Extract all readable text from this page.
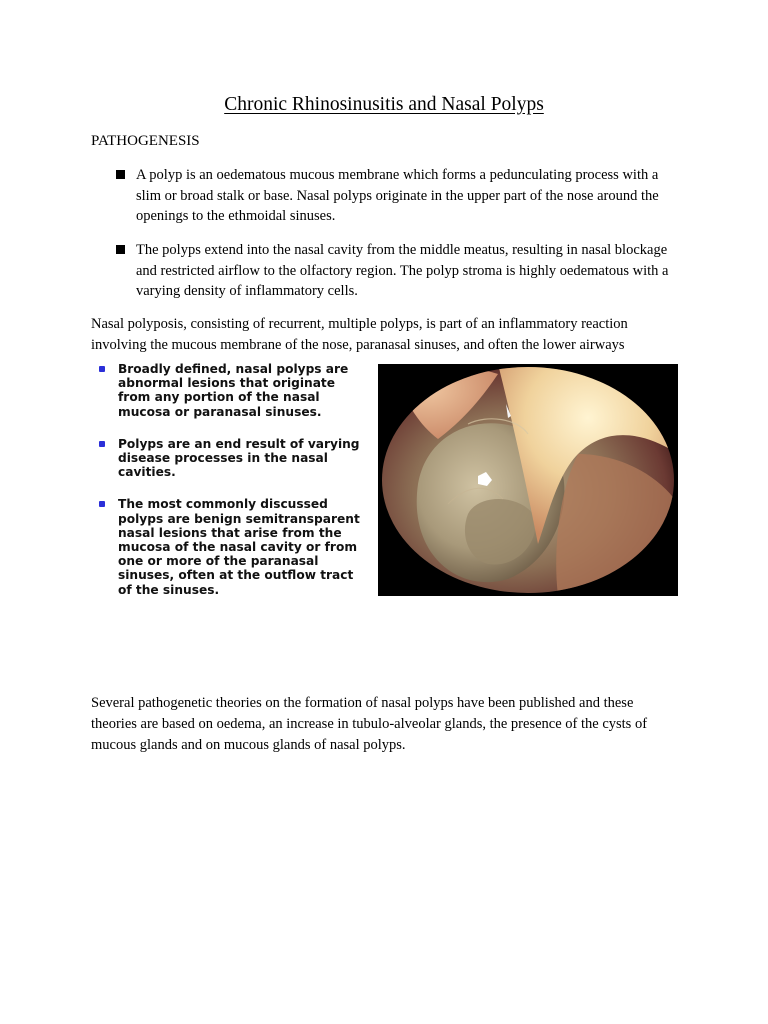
Chronic Rhinosinusitis and Nasal Polyps
PATHOGENESIS
A polyp is an oedematous mucous membrane which forms a pedunculating process with a slim or broad stalk or base. Nasal polyps originate in the upper part of the nose around the openings to the ethmoidal sinuses.
The polyps extend into the nasal cavity from the middle meatus, resulting in nasal blockage and restricted airflow to the olfactory region. The polyp stroma is highly oedematous with a varying density of inflammatory cells.
Nasal polyposis, consisting of recurrent, multiple polyps, is part of an inflammatory reaction involving the mucous membrane of the nose, paranasal sinuses, and often the lower airways
Broadly defined, nasal polyps are abnormal lesions that originate from any portion of the nasal mucosa or paranasal sinuses.
Polyps are an end result of varying disease processes in the nasal cavities.
The most commonly discussed polyps are benign semitransparent nasal lesions that arise from the mucosa of the nasal cavity or from one or more of the paranasal sinuses, often at the outflow tract of the sinuses.
Several pathogenetic theories on the formation of nasal polyps have been published and these theories are based on oedema, an increase in tubulo-alveolar glands, the presence of the cysts of mucous glands and on mucous glands of nasal polyps.
